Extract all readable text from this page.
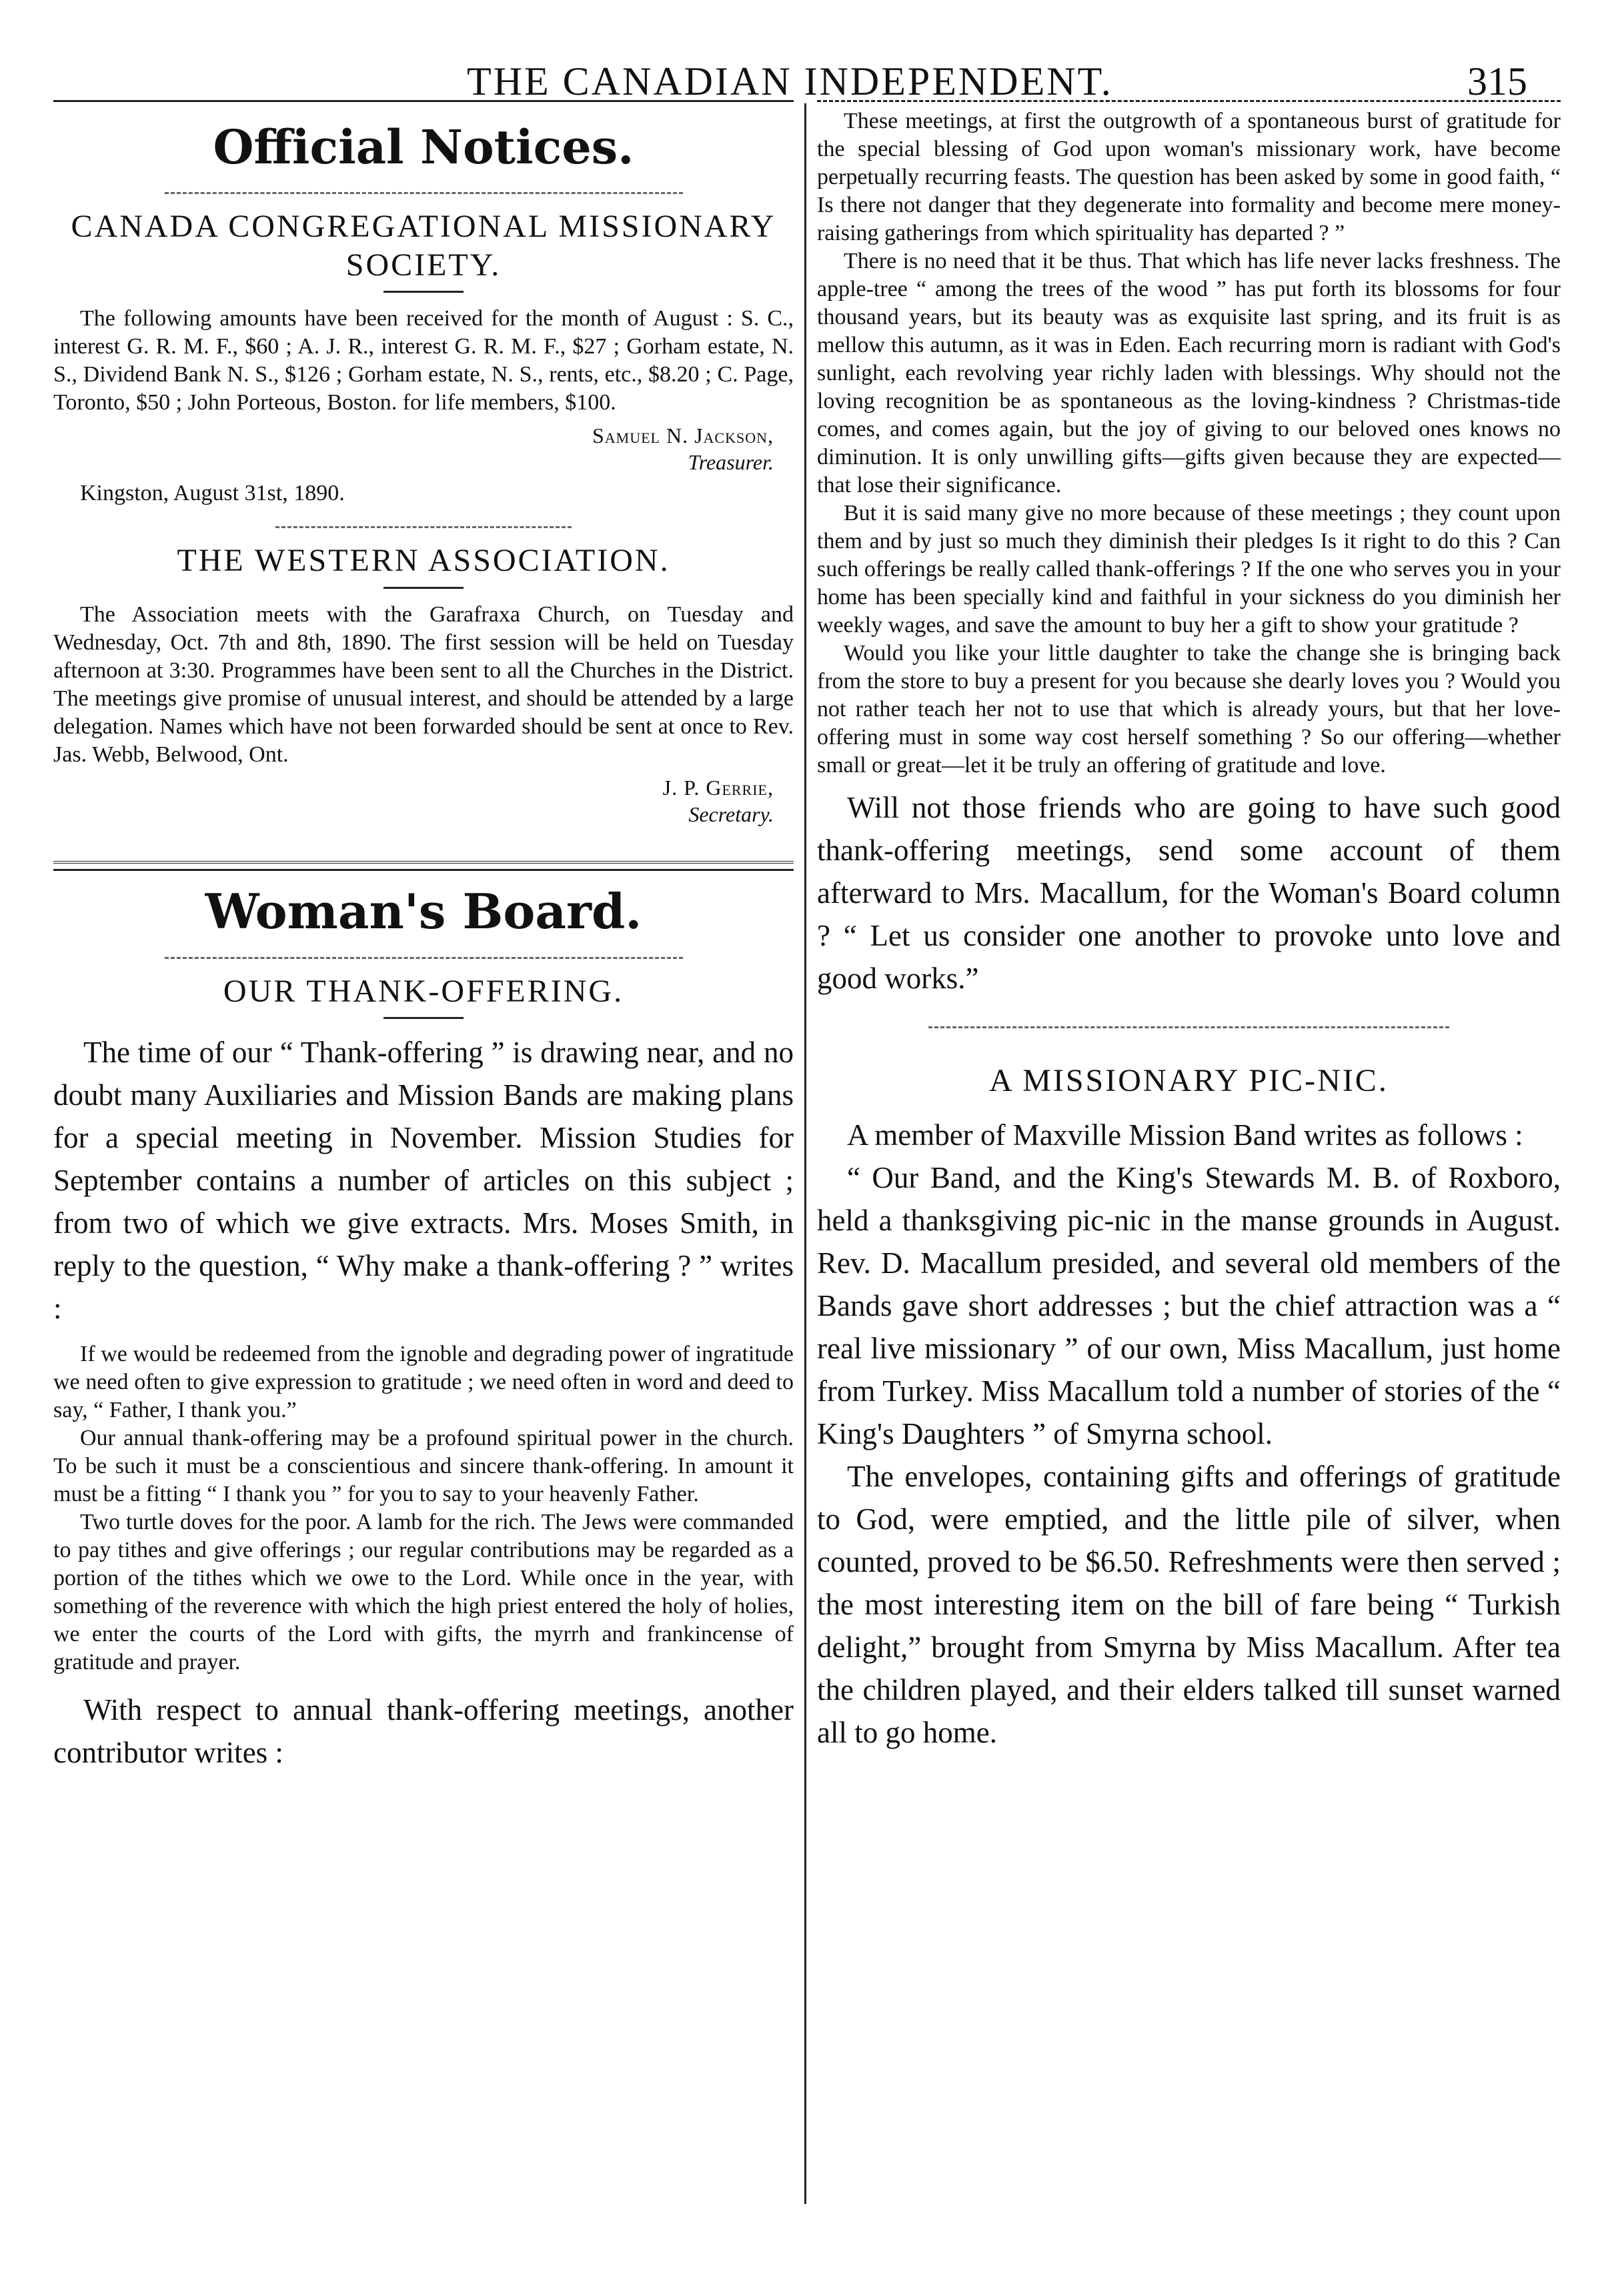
THE CANADIAN INDEPENDENT.	315
Official Notices.
CANADA CONGREGATIONAL MISSIONARY SOCIETY.

The following amounts have been received for the month of August : S. C., interest G. R. M. F., $60 ; A. J. R., interest G. R. M. F., $27 ; Gorham estate, N. S., Dividend Bank N. S., $126 ; Gorham estate, N. S., rents, etc., $8.20 ; C. Page, Toronto, $50 ; John Porteous, Boston. for life members, $100.

Samuel N. Jackson,
Treasurer.
Kingston, August 31st, 1890.
THE WESTERN ASSOCIATION.

The Association meets with the Garafraxa Church, on Tuesday and Wednesday, Oct. 7th and 8th, 1890. The first session will be held on Tuesday afternoon at 3:30. Programmes have been sent to all the Churches in the District. The meetings give promise of unusual interest, and should be attended by a large delegation. Names which have not been forwarded should be sent at once to Rev. Jas. Webb, Belwood, Ont.

J. P. Gerrie,
Secretary.
Woman's Board.
OUR THANK-OFFERING.

The time of our “ Thank-offering ” is drawing near, and no doubt many Auxiliaries and Mission Bands are making plans for a special meeting in November. Mission Studies for September contains a number of articles on this subject ; from two of which we give extracts. Mrs. Moses Smith, in reply to the question, “ Why make a thank-offering ? ” writes :

If we would be redeemed from the ignoble and degrading power of ingratitude we need often to give expression to gratitude ; we need often in word and deed to say, “ Father, I thank you.”

Our annual thank-offering may be a profound spiritual power in the church. To be such it must be a conscientious and sincere thank-offering. In amount it must be a fitting “ I thank you ” for you to say to your heavenly Father.

Two turtle doves for the poor. A lamb for the rich. The Jews were commanded to pay tithes and give offerings ; our regular contributions may be regarded as a portion of the tithes which we owe to the Lord. While once in the year, with something of the reverence with which the high priest entered the holy of holies, we enter the courts of the Lord with gifts, the myrrh and frankincense of gratitude and prayer.

With respect to annual thank-offering meetings, another contributor writes :

These meetings, at first the outgrowth of a spontaneous burst of gratitude for the special blessing of God upon woman's missionary work, have become perpetually recurring feasts. The question has been asked by some in good faith, “ Is there not danger that they degenerate into formality and become mere money-raising gatherings from which spirituality has departed ? ”

There is no need that it be thus. That which has life never lacks freshness. The apple-tree “ among the trees of the wood ” has put forth its blossoms for four thousand years, but its beauty was as exquisite last spring, and its fruit is as mellow this autumn, as it was in Eden. Each recurring morn is radiant with God's sunlight, each revolving year richly laden with blessings. Why should not the loving recognition be as spontaneous as the loving-kindness ? Christmas-tide comes, and comes again, but the joy of giving to our beloved ones knows no diminution. It is only unwilling gifts—gifts given because they are expected—that lose their significance.

But it is said many give no more because of these meetings ; they count upon them and by just so much they diminish their pledges Is it right to do this ? Can such offerings be really called thank-offerings ? If the one who serves you in your home has been specially kind and faithful in your sickness do you diminish her weekly wages, and save the amount to buy her a gift to show your gratitude ?

Would you like your little daughter to take the change she is bringing back from the store to buy a present for you because she dearly loves you ? Would you not rather teach her not to use that which is already yours, but that her love-offering must in some way cost herself something ? So our offering—whether small or great—let it be truly an offering of gratitude and love.

Will not those friends who are going to have such good thank-offering meetings, send some account of them afterward to Mrs. Macallum, for the Woman's Board column ? “ Let us consider one another to provoke unto love and good works.”

A MISSIONARY PIC-NIC.

A member of Maxville Mission Band writes as follows :

“ Our Band, and the King's Stewards M. B. of Roxboro, held a thanksgiving pic-nic in the manse grounds in August. Rev. D. Macallum presided, and several old members of the Bands gave short addresses ; but the chief attraction was a “ real live missionary ” of our own, Miss Macallum, just home from Turkey. Miss Macallum told a number of stories of the “ King's Daughters ” of Smyrna school.

The envelopes, containing gifts and offerings of gratitude to God, were emptied, and the little pile of silver, when counted, proved to be $6.50. Refreshments were then served ; the most interesting item on the bill of fare being “ Turkish delight,” brought from Smyrna by Miss Macallum. After tea the children played, and their elders talked till sunset warned all to go home.
